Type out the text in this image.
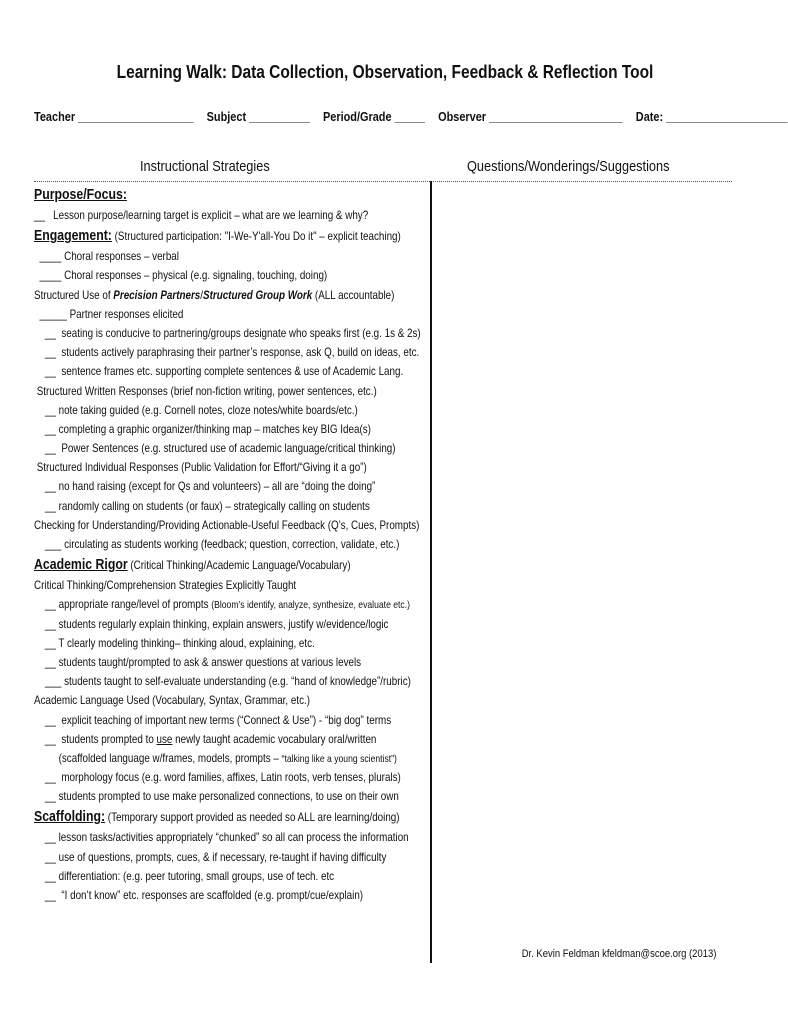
Learning Walk: Data Collection, Observation, Feedback & Reflection Tool
Teacher ___________________ Subject __________ Period/Grade _____ Observer ______________________ Date: ____________________
Instructional Strategies	Questions/Wonderings/Suggestions
Purpose/Focus:
__   Lesson purpose/learning target is explicit – what are we learning & why?
Engagement: (Structured participation: "I-We-Y'all-You Do it" – explicit teaching)
____ Choral responses – verbal
____ Choral responses – physical (e.g. signaling, touching, doing)
Structured Use of Precision Partners/Structured Group Work (ALL accountable)
_____ Partner responses elicited
__  seating is conducive to partnering/groups designate who speaks first (e.g. 1s & 2s)
__  students actively paraphrasing their partner’s response, ask Q, build on ideas, etc.
__  sentence frames etc. supporting complete sentences & use of Academic Lang.
Structured Written Responses (brief non-fiction writing, power sentences, etc.)
__ note taking guided (e.g. Cornell notes, cloze notes/white boards/etc.)
__ completing a graphic organizer/thinking map – matches key BIG Idea(s)
__  Power Sentences (e.g. structured use of academic language/critical thinking)
Structured Individual Responses (Public Validation for Effort/“Giving it a go”)
__ no hand raising (except for Qs and volunteers) – all are “doing the doing”
__ randomly calling on students (or faux) – strategically calling on students
Checking for Understanding/Providing Actionable-Useful Feedback (Q’s, Cues, Prompts)
___ circulating as students working (feedback; question, correction, validate, etc.)
Academic Rigor (Critical Thinking/Academic Language/Vocabulary)
Critical Thinking/Comprehension Strategies Explicitly Taught
__ appropriate range/level of prompts (Bloom’s identify, analyze, synthesize, evaluate etc.)
__ students regularly explain thinking, explain answers, justify w/evidence/logic
__ T clearly modeling thinking– thinking aloud, explaining, etc.
__ students taught/prompted to ask & answer questions at various levels
___ students taught to self-evaluate understanding (e.g. “hand of knowledge”/rubric)
Academic Language Used (Vocabulary, Syntax, Grammar, etc.)
__  explicit teaching of important new terms (“Connect & Use”) - “big dog” terms
__  students prompted to use newly taught academic vocabulary oral/written
(scaffolded language w/frames, models, prompts – “talking like a young scientist”)
__  morphology focus (e.g. word families, affixes, Latin roots, verb tenses, plurals)
__ students prompted to use make personalized connections, to use on their own
Scaffolding: (Temporary support provided as needed so ALL are learning/doing)
__ lesson tasks/activities appropriately “chunked” so all can process the information
__ use of questions, prompts, cues, & if necessary, re-taught if having difficulty
__ differentiation: (e.g. peer tutoring, small groups, use of tech. etc
__  “I don’t know” etc. responses are scaffolded (e.g. prompt/cue/explain)
Dr. Kevin Feldman kfeldman@scoe.org (2013)
